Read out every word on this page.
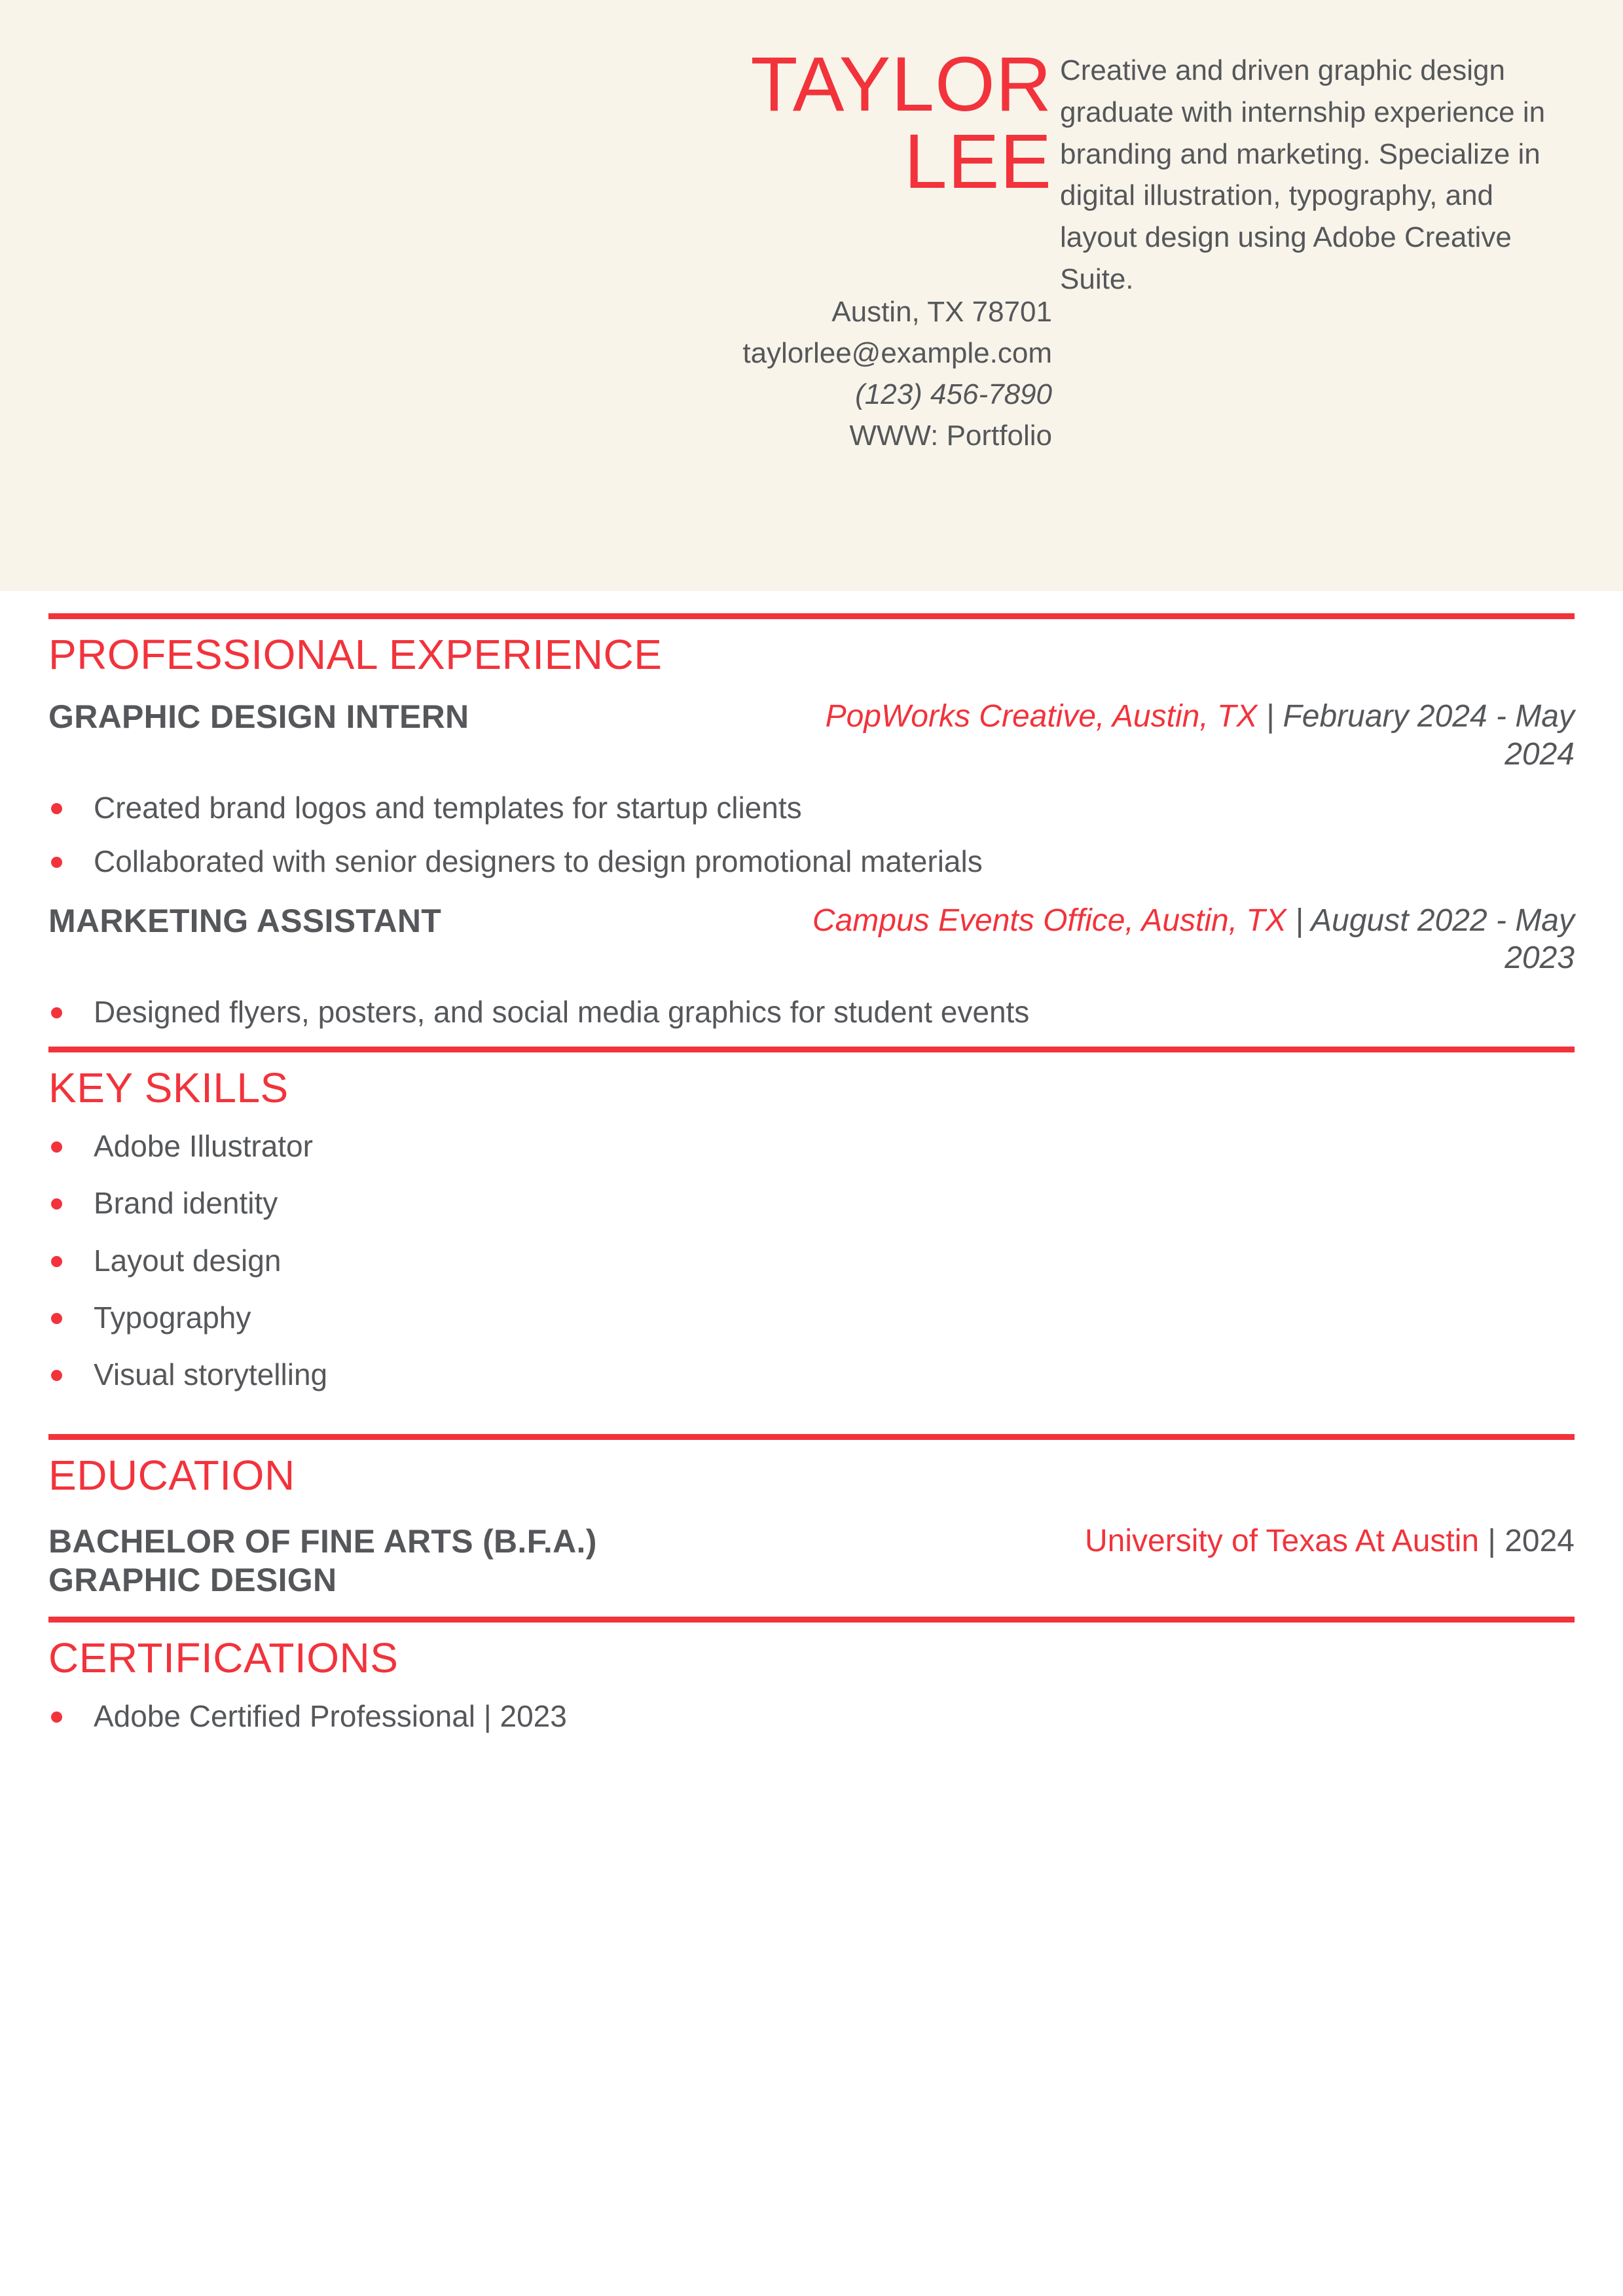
TAYLOR
LEE
Austin, TX 78701
taylorlee@example.com
(123) 456-7890
WWW: Portfolio
Creative and driven graphic design graduate with internship experience in branding and marketing. Specialize in digital illustration, typography, and layout design using Adobe Creative Suite.
PROFESSIONAL EXPERIENCE
GRAPHIC DESIGN INTERN	PopWorks Creative, Austin, TX | February 2024 - May 2024
Created brand logos and templates for startup clients
Collaborated with senior designers to design promotional materials
MARKETING ASSISTANT	Campus Events Office, Austin, TX | August 2022 - May 2023
Designed flyers, posters, and social media graphics for student events
KEY SKILLS
Adobe Illustrator
Brand identity
Layout design
Typography
Visual storytelling
EDUCATION
BACHELOR OF FINE ARTS (B.F.A.)
GRAPHIC DESIGN
University of Texas At Austin | 2024
CERTIFICATIONS
Adobe Certified Professional | 2023
